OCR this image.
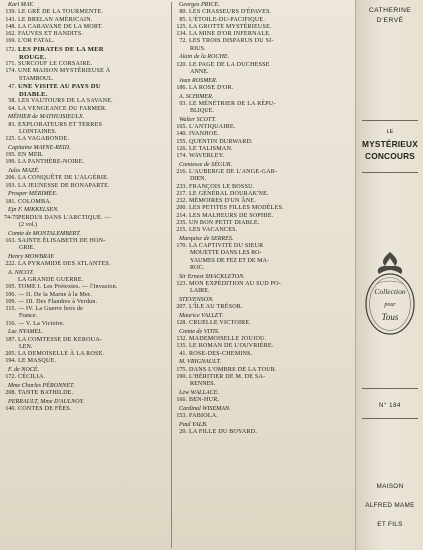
Karl MAY.
139. LE GRÉ DE LA TOURMENTE.
143. LE BRELAN AMÉRICAIN.
148. LA CARAVANE DE LA MORT.
162. FAUVES ET BANDITS.
169. L'OR FATAL.
172. LES PIRATES DE LA MER
ROUGE.
171. SURCOUF LE CORSAIRE.
174. UNE MAISON MYSTÉRIEUSE À
STAMBOUL.
47. UNE VISITE AU PAYS DU
DIABLE.
58. LES VAUTOURS DE LA SAVANE.
64. LA VENGEANCE DU FARMER.
MÉHIER de MATHUISIEULX.
83. EXPLORATEURS ET TERRES
LOINTAINES.
125. LA VAGABONDE.
Capitaine MAYNE-REID.
195. EN MER.
199. LA PANTHÈRE-NOIRE.
Jules MAZÉ.
206. LA CONQUÊTE DE L'ALGÉRIE.
193. LA JEUNESSE DE BONAPARTE.
Prosper MÉRIMÉE.
181. COLOMBA.
Ejn F. MIKKELSEN.
74-75.PERDUS DANS L'ARCTIQUE. —
(2 vol.)
Comte de MONTALEMBERT.
163. SAINTE ÉLISABETH DE HON-
GRIE.
Henry MOWBRAY.
222. LA PYRAMIDE DES ATLANTES.
A. NICOT.
LA GRANDE GUERRE.
105. TOME I. Les Prétextes. — l'Invasion.
106. — II. De la Marne à la Mer.
109. — III. Des Flandres à Verdun.
115. — IV. La Guerre hors de
France.
116. — V. La Victoire.
Luc NYAMEL.
187. LA COMTESSE DE KEROUA-
LEN.
205. LA DEMOISELLE À LA ROSE.
194. LE MASQUE.
F. de NOCÉ.
172. CÉCILIA.
Mme Charles PÉRONNET.
208. TANTE BATHILDE.
PERRAULT, Mme D'AULNOY.
140. CONTES DE FÉES.
Georges PRICE.
80. LES CHASSEURS D'ÉPAVES.
85. L'ÉTOILE-DU-PACIFIQUE.
125. LA GROTTE MYSTÉRIEUSE.
134. LA MINE D'OR INFERNALE.
72. LES TROIS DISPARUS DU SI-
RIUS.
Alain de la ROCHE.
120. LE PAGE DE LA DUCHESSE
ANNE.
Jean ROSMER.
186. LA ROSE D'OR.
A. SCHIMER.
93. LE MÉNÉTRIER DE LA RÉPU-
BLIQUE.
Walter SCOTT.
165. L'ANTIQUAIRE.
140. IVANHOE.
155. QUENTIN DURWARD.
126. LE TALISMAN.
174. WAVERLEY.
Comtesse de SÉGUR.
216. L'AUBERGE DE L'ANGE-GAR-
DIEN.
233. FRANÇOIS LE BOSSU.
217. LE GÉNÉRAL DOURAK'NE.
232. MÉMOIRES D'UN ÂNE.
200. LES PETITES FILLES MODÈLES.
214. LES MALHEURS DE SOPHIE.
235. UN BON PETIT DIABLE.
215. LES VACANCES.
Marquise de SERRES.
170. LA CAPTIVITÉ DU SIEUR
MOUETTE DANS LES RO-
YAUMES DE FEZ ET DE MA-
ROC.
Sir Ernest SHACKLETON.
123. MON EXPÉDITION AU SUD PO-
LAIRE.
STEVENSON.
207. L'ÎLE AU TRÉSOR.
Maurice VALLET.
128. CRUELLE VICTOIRE.
Comte de VITIS.
132. MADEMOISELLE JOUJOU.
135. LE ROMAN DE L'OUVRIÈRE.
41. ROSE-DES-CHEMINS.
M. VRIGNAULT.
175. DANS L'OMBRE DE LA TOUR.
190. L'HÉRITIER DE M. DE SA-
RENNES.
Lew WALLACE.
166. BEN-HUR.
Cardinal WISEMAN.
153. FABIOLA.
Paul YALB.
20. LA FILLE DU BOYARD.
CATHERINE
D'ERVÉ
LE
MYSTÉRIEUX
CONCOURS
Collection
pour
Tous
N° 184
MAISON
ALFRED MAME
ET FILS
